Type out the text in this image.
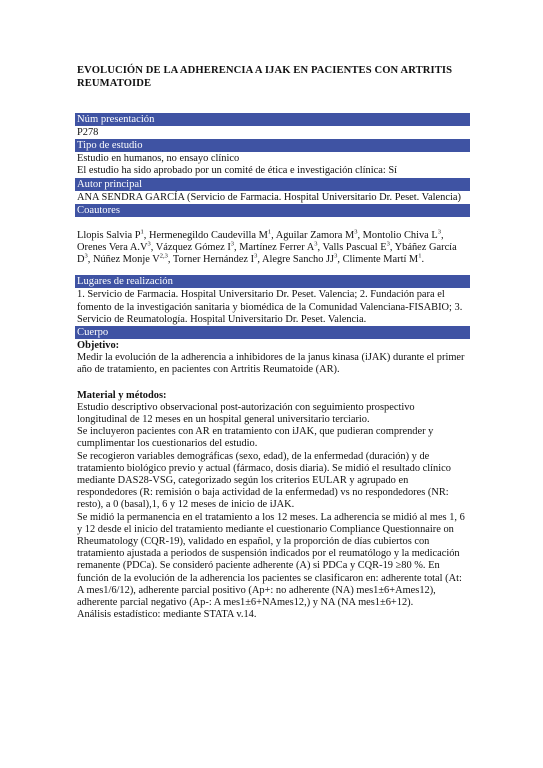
EVOLUCIÓN DE LA ADHERENCIA A IJAK EN PACIENTES CON ARTRITIS REUMATOIDE
Núm presentación
P278
Tipo de estudio
Estudio en humanos, no ensayo clínico
El estudio ha sido aprobado por un comité de ética e investigación clínica: Sí
Autor principal
ANA SENDRA GARCÍA (Servicio de Farmacia. Hospital Universitario Dr. Peset. Valencia)
Coautores
Llopis Salvia $P^1$, Hermenegildo Caudevilla $M^1$, Aguilar Zamora $M^3$, Montolio Chiva $L^3$, Orenes Vera $A.V^3$, Vázquez Gómez $I^3$, Martínez Ferrer $A^3$, Valls Pascual $E^3$, Ybáñez García $D^3$, Núñez Monje V$^{2,3}$, Torner Hernández $I^3$, Alegre Sancho $JJ^3$, Climente Martí $M^1$.
Lugares de realización
1. Servicio de Farmacia. Hospital Universitario Dr. Peset. Valencia; 2. Fundación para el fomento de la investigación sanitaria y biomédica de la Comunidad Valenciana-FISABIO; 3. Servicio de Reumatología. Hospital Universitario Dr. Peset. Valencia.
Cuerpo
Objetivo:
Medir la evolución de la adherencia a inhibidores de la janus kinasa (iJAK) durante el primer año de tratamiento, en pacientes con Artritis Reumatoide (AR).
Material y métodos:
Estudio descriptivo observacional post-autorización con seguimiento prospectivo longitudinal de 12 meses en un hospital general universitario terciario.
Se incluyeron pacientes con AR en tratamiento con iJAK, que pudieran comprender y cumplimentar los cuestionarios del estudio.
Se recogieron variables demográficas (sexo, edad), de la enfermedad (duración) y de tratamiento biológico previo y actual (fármaco, dosis diaria). Se midió el resultado clínico mediante DAS28-VSG, categorizado según los criterios EULAR y agrupado en respondedores (R: remisión o baja actividad de la enfermedad) vs no respondedores (NR: resto), a 0 (basal),1, 6 y 12 meses de inicio de iJAK.
Se midió la permanencia en el tratamiento a los 12 meses. La adherencia se midió al mes 1, 6 y 12 desde el inicio del tratamiento mediante el cuestionario Compliance Questionnaire on Rheumatology (CQR-19), validado en español, y la proporción de días cubiertos con tratamiento ajustada a periodos de suspensión indicados por el reumatólogo y la medicación remanente (PDCa). Se consideró paciente adherente (A) si PDCa y CQR-19 ≥80 %. En función de la evolución de la adherencia los pacientes se clasificaron en: adherente total (At: A mes1/6/12), adherente parcial positivo (Ap+: no adherente (NA) mes1±6+Ames12), adherente parcial negativo (Ap-: A mes1±6+NAmes12,) y NA (NA mes1±6+12).
Análisis estadístico: mediante STATA v.14.
